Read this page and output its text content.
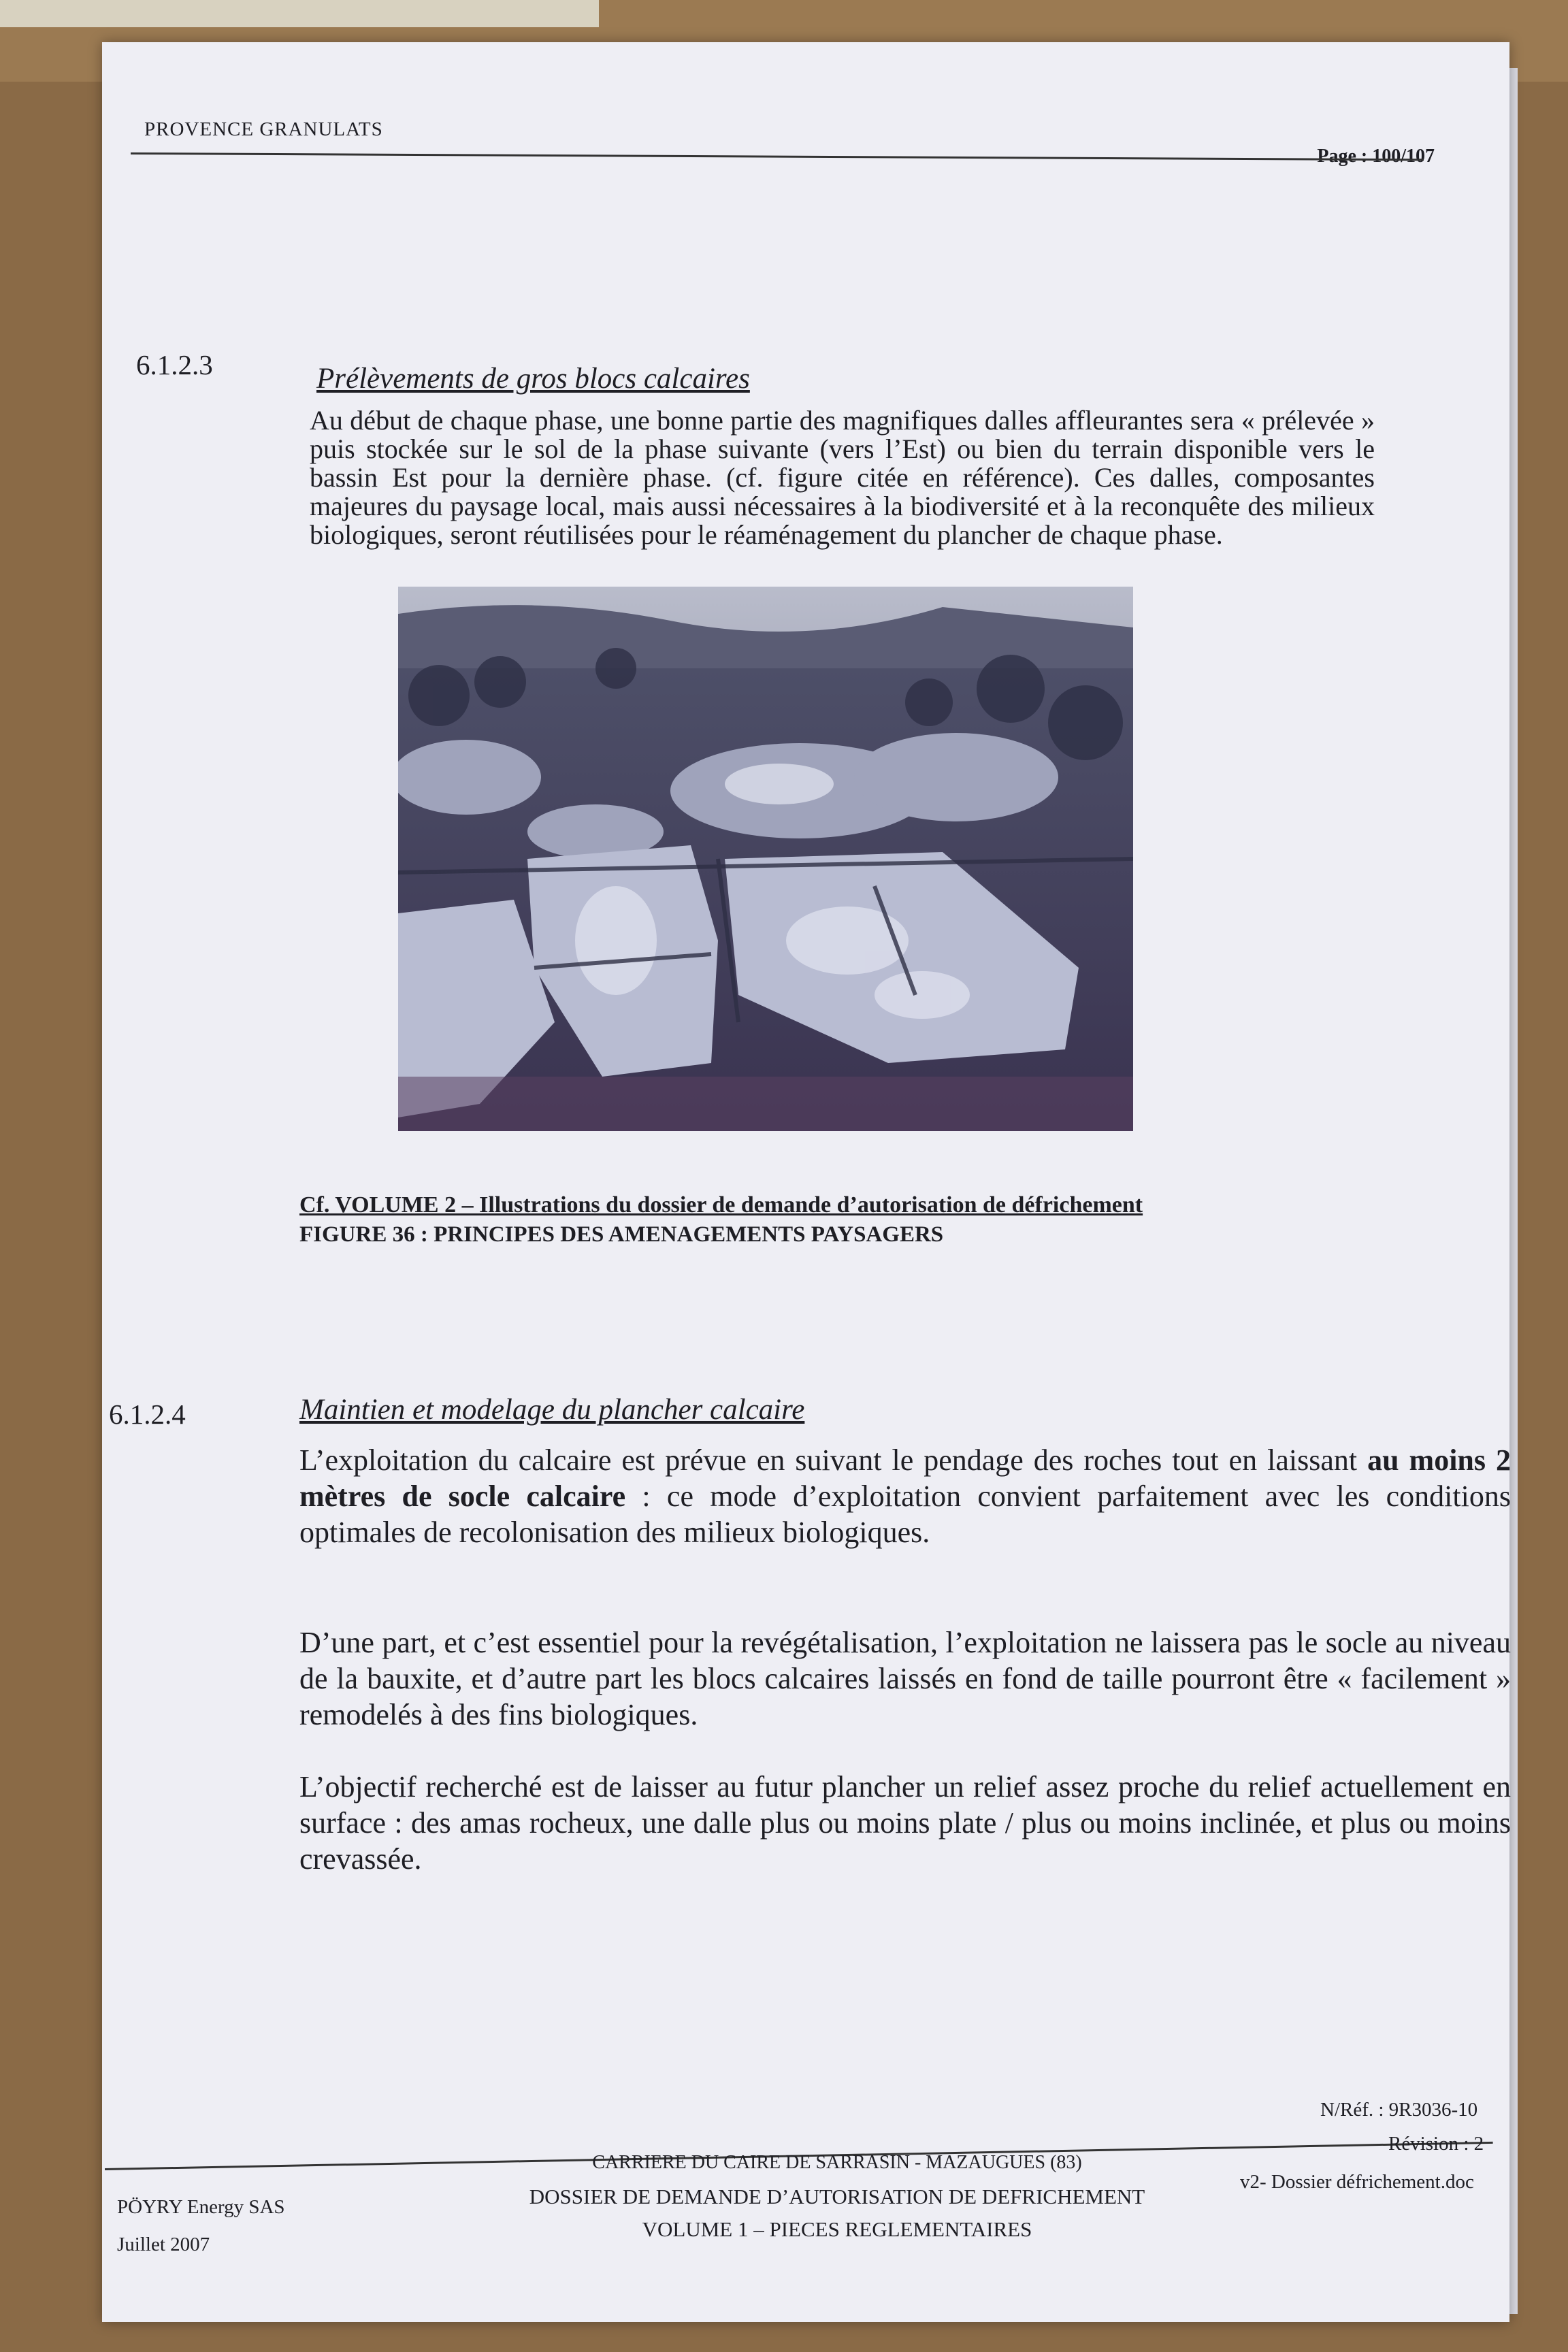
PROVENCE GRANULATS
Page : 100/107
6.1.2.3	Prélèvements de gros blocs calcaires
Au début de chaque phase, une bonne partie des magnifiques dalles affleurantes sera « prélevée » puis stockée sur le sol de la phase suivante (vers l’Est) ou bien du terrain disponible vers le bassin Est pour la dernière phase. (cf. figure citée en référence). Ces dalles, composantes majeures du paysage local, mais aussi nécessaires à la biodiversité et à la reconquête des milieux biologiques, seront réutilisées pour le réaménagement du plancher de chaque phase.
Cf. VOLUME 2 – Illustrations du dossier de demande d’autorisation de défrichement
FIGURE 36 : PRINCIPES DES AMENAGEMENTS PAYSAGERS
6.1.2.4	Maintien et modelage du plancher calcaire
L’exploitation du calcaire est prévue en suivant le pendage des roches tout en laissant au moins 2 mètres de socle calcaire : ce mode d’exploitation convient parfaitement avec les conditions optimales de recolonisation des milieux biologiques.
D’une part, et c’est essentiel pour la revégétalisation, l’exploitation ne laissera pas le socle au niveau de la bauxite, et d’autre part les blocs calcaires laissés en fond de taille pourront être « facilement » remodelés à des fins biologiques.
L’objectif recherché est de laisser au futur plancher un relief assez proche du relief actuellement en surface : des amas rocheux, une dalle plus ou moins plate / plus ou moins inclinée, et plus ou moins crevassée.
PÖYRY Energy SAS
Juillet 2007
CARRIERE DU CAIRE DE SARRASIN - MAZAUGUES (83)
DOSSIER DE DEMANDE D’AUTORISATION DE DEFRICHEMENT
VOLUME 1 – PIECES REGLEMENTAIRES
N/Réf. : 9R3036-10
Révision : 2
v2- Dossier défrichement.doc
